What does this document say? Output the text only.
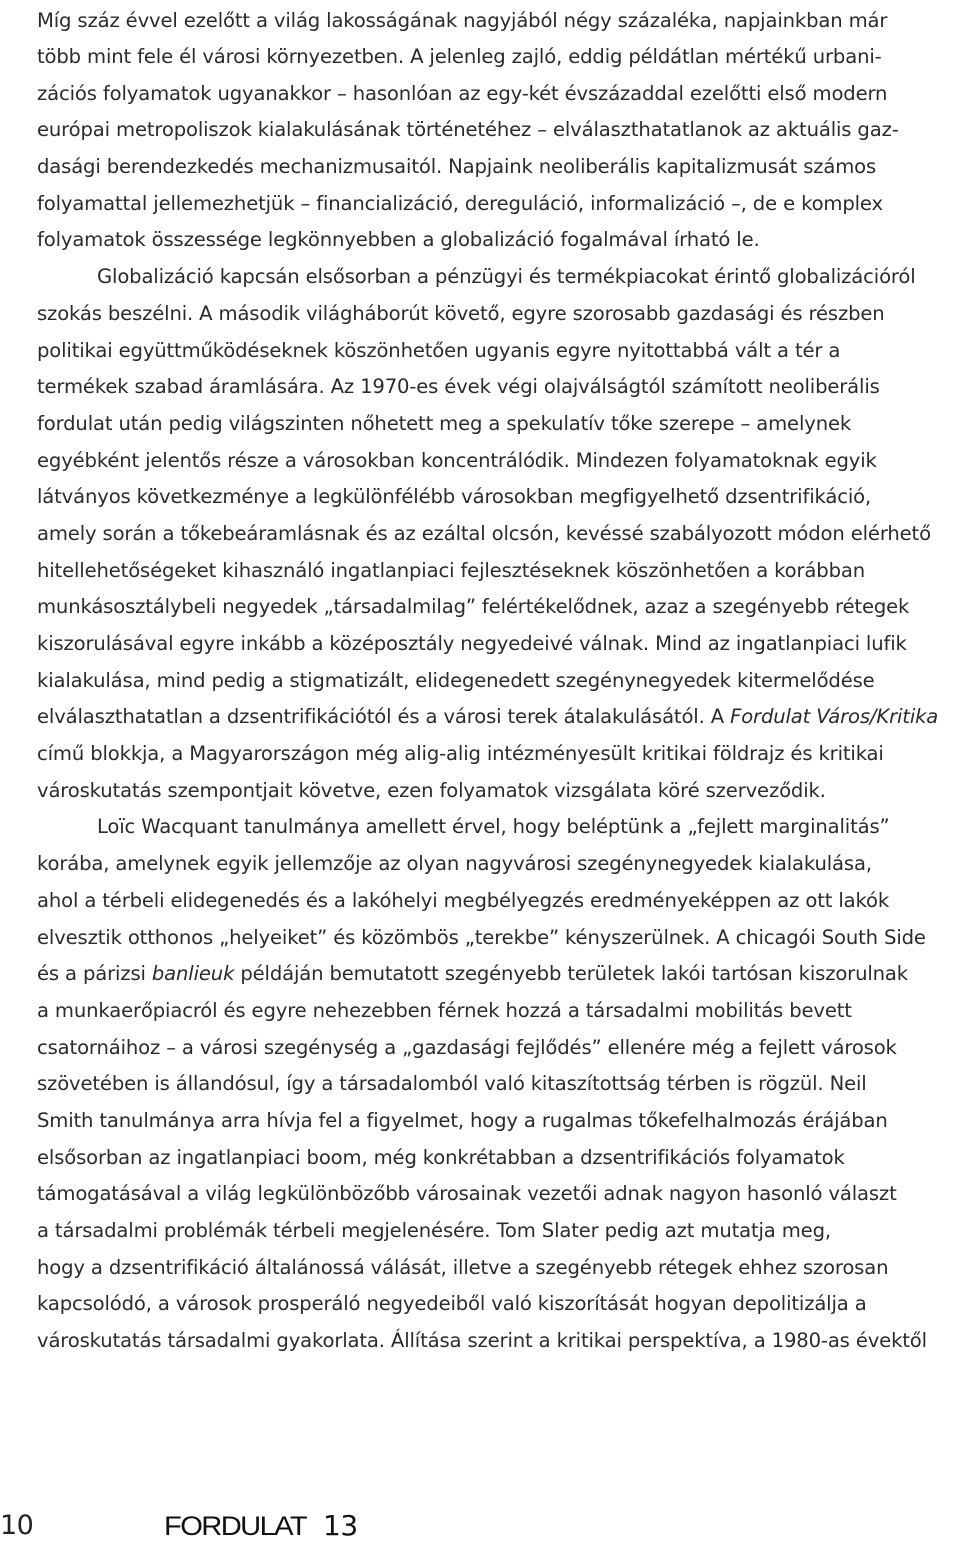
Míg száz évvel ezelőtt a világ lakosságának nagyjából négy százaléka, napjainkban már
több mint fele él városi környezetben. A jelenleg zajló, eddig példátlan mértékű urbani-
zációs folyamatok ugyanakkor – hasonlóan az egy-két évszázaddal ezelőtti első modern
európai metropoliszok kialakulásának történetéhez – elválaszthatatlanok az aktuális gaz-
dasági berendezkedés mechanizmusaitól. Napjaink neoliberális kapitalizmusát számos
folyamattal jellemezhetjük – financializáció, dereguláció, informalizáció –, de e komplex
folyamatok összessége legkönnyebben a globalizáció fogalmával írható le.
Globalizáció kapcsán elsősorban a pénzügyi és termékpiacokat érintő globalizációról
szokás beszélni. A második világháborút követő, egyre szorosabb gazdasági és részben
politikai együttműködéseknek köszönhetően ugyanis egyre nyitottabbá vált a tér a
termékek szabad áramlására. Az 1970-es évek végi olajválságtól számított neoliberális
fordulat után pedig világszinten nőhetett meg a spekulatív tőke szerepe – amelynek
egyébként jelentős része a városokban koncentrálódik. Mindezen folyamatoknak egyik
látványos következménye a legkülönfélébb városokban megfigyelhető dzsentrifikáció,
amely során a tőkebeáramlásnak és az ezáltal olcsón, kevéssé szabályozott módon elérhető
hitellehetőségeket kihasználó ingatlanpiaci fejlesztéseknek köszönhetően a korábban
munkásosztálybeli negyedek „társadalmilag” felértékelődnek, azaz a szegényebb rétegek
kiszorulásával egyre inkább a középosztály negyedeivé válnak. Mind az ingatlanpiaci lufik
kialakulása, mind pedig a stigmatizált, elidegenedett szegénynegyedek kitermelődése
elválaszthatatlan a dzsentrifikációtól és a városi terek átalakulásától. A Fordulat Város/Kritika
című blokkja, a Magyarországon még alig-alig intézményesült kritikai földrajz és kritikai
városkutatás szempontjait követve, ezen folyamatok vizsgálata köré szerveződik.
Loïc Wacquant tanulmánya amellett érvel, hogy beléptünk a „fejlett marginalitás”
korába, amelynek egyik jellemzője az olyan nagyvárosi szegénynegyedek kialakulása,
ahol a térbeli elidegenedés és a lakóhelyi megbélyegzés eredményeképpen az ott lakók
elvesztik otthonos „helyeiket” és közömbös „terekbe” kényszerülnek. A chicagói South Side
és a párizsi banlieuk példáján bemutatott szegényebb területek lakói tartósan kiszorulnak
a munkaerőpiacról és egyre nehezebben férnek hozzá a társadalmi mobilitás bevett
csatornáihoz – a városi szegénység a „gazdasági fejlődés” ellenére még a fejlett városok
szövetében is állandósul, így a társadalomból való kitaszítottság térben is rögzül. Neil
Smith tanulmánya arra hívja fel a figyelmet, hogy a rugalmas tőkefelhalmozás érájában
elsősorban az ingatlanpiaci boom, még konkrétabban a dzsentrifikációs folyamatok
támogatásával a világ legkülönbözőbb városainak vezetői adnak nagyon hasonló választ
a társadalmi problémák térbeli megjelenésére. Tom Slater pedig azt mutatja meg,
hogy a dzsentrifikáció általánossá válását, illetve a szegényebb rétegek ehhez szorosan
kapcsolódó, a városok prosperáló negyedeiből való kiszorítását hogyan depolitizálja a
városkutatás társadalmi gyakorlata. Állítása szerint a kritikai perspektíva, a 1980-as évektől
10	FORDULAT 13
